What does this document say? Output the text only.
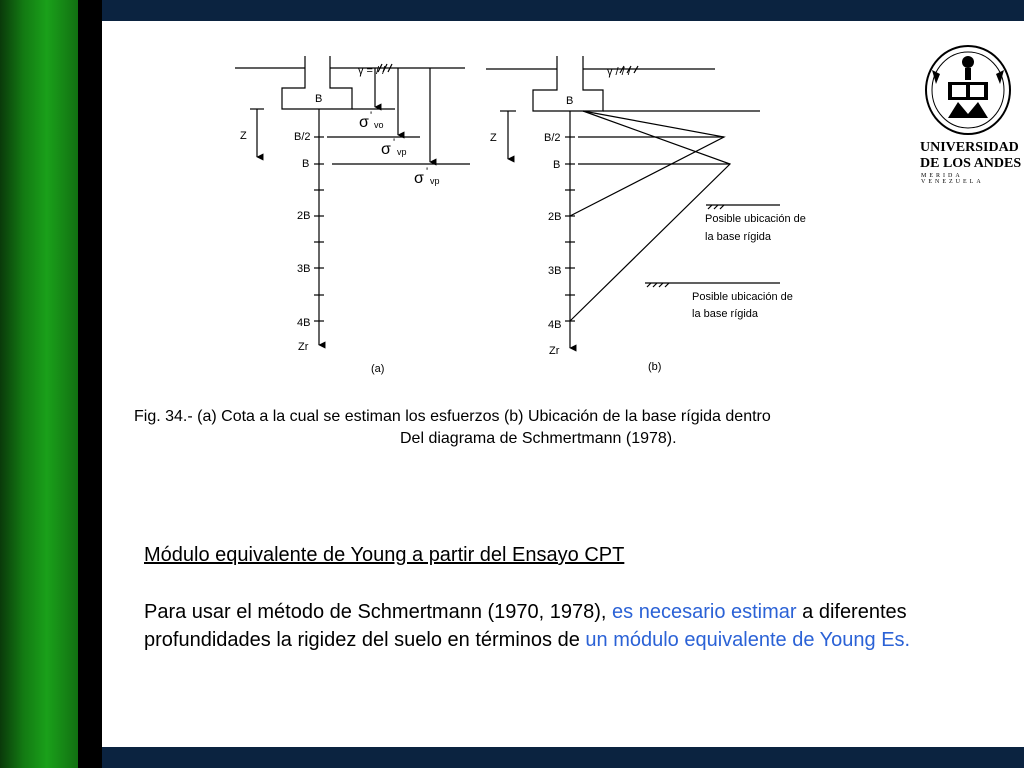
B
Z
γ = / /
B/2
B
2B
3B
4B
Zr
σ '
vo
σ '
vp
σ '
vp
(a)
B
Z
γ / / /
B/2
B
2B
3B
4B
Zr
Posible ubicación de
la base rígida
Posible ubicación de
la base rígida
(b)
Fig. 34.- (a) Cota a la cual se estiman los esfuerzos (b) Ubicación de la base rígida dentro
Del diagrama de Schmertmann (1978).
Módulo equivalente de Young a partir del Ensayo CPT
Para usar el método de Schmertmann (1970, 1978), es necesario estimar a diferentes profundidades la rigidez del suelo en términos de un módulo equivalente de Young Es.
UNIVERSIDAD
DE LOS ANDES
MERIDA VENEZUELA
